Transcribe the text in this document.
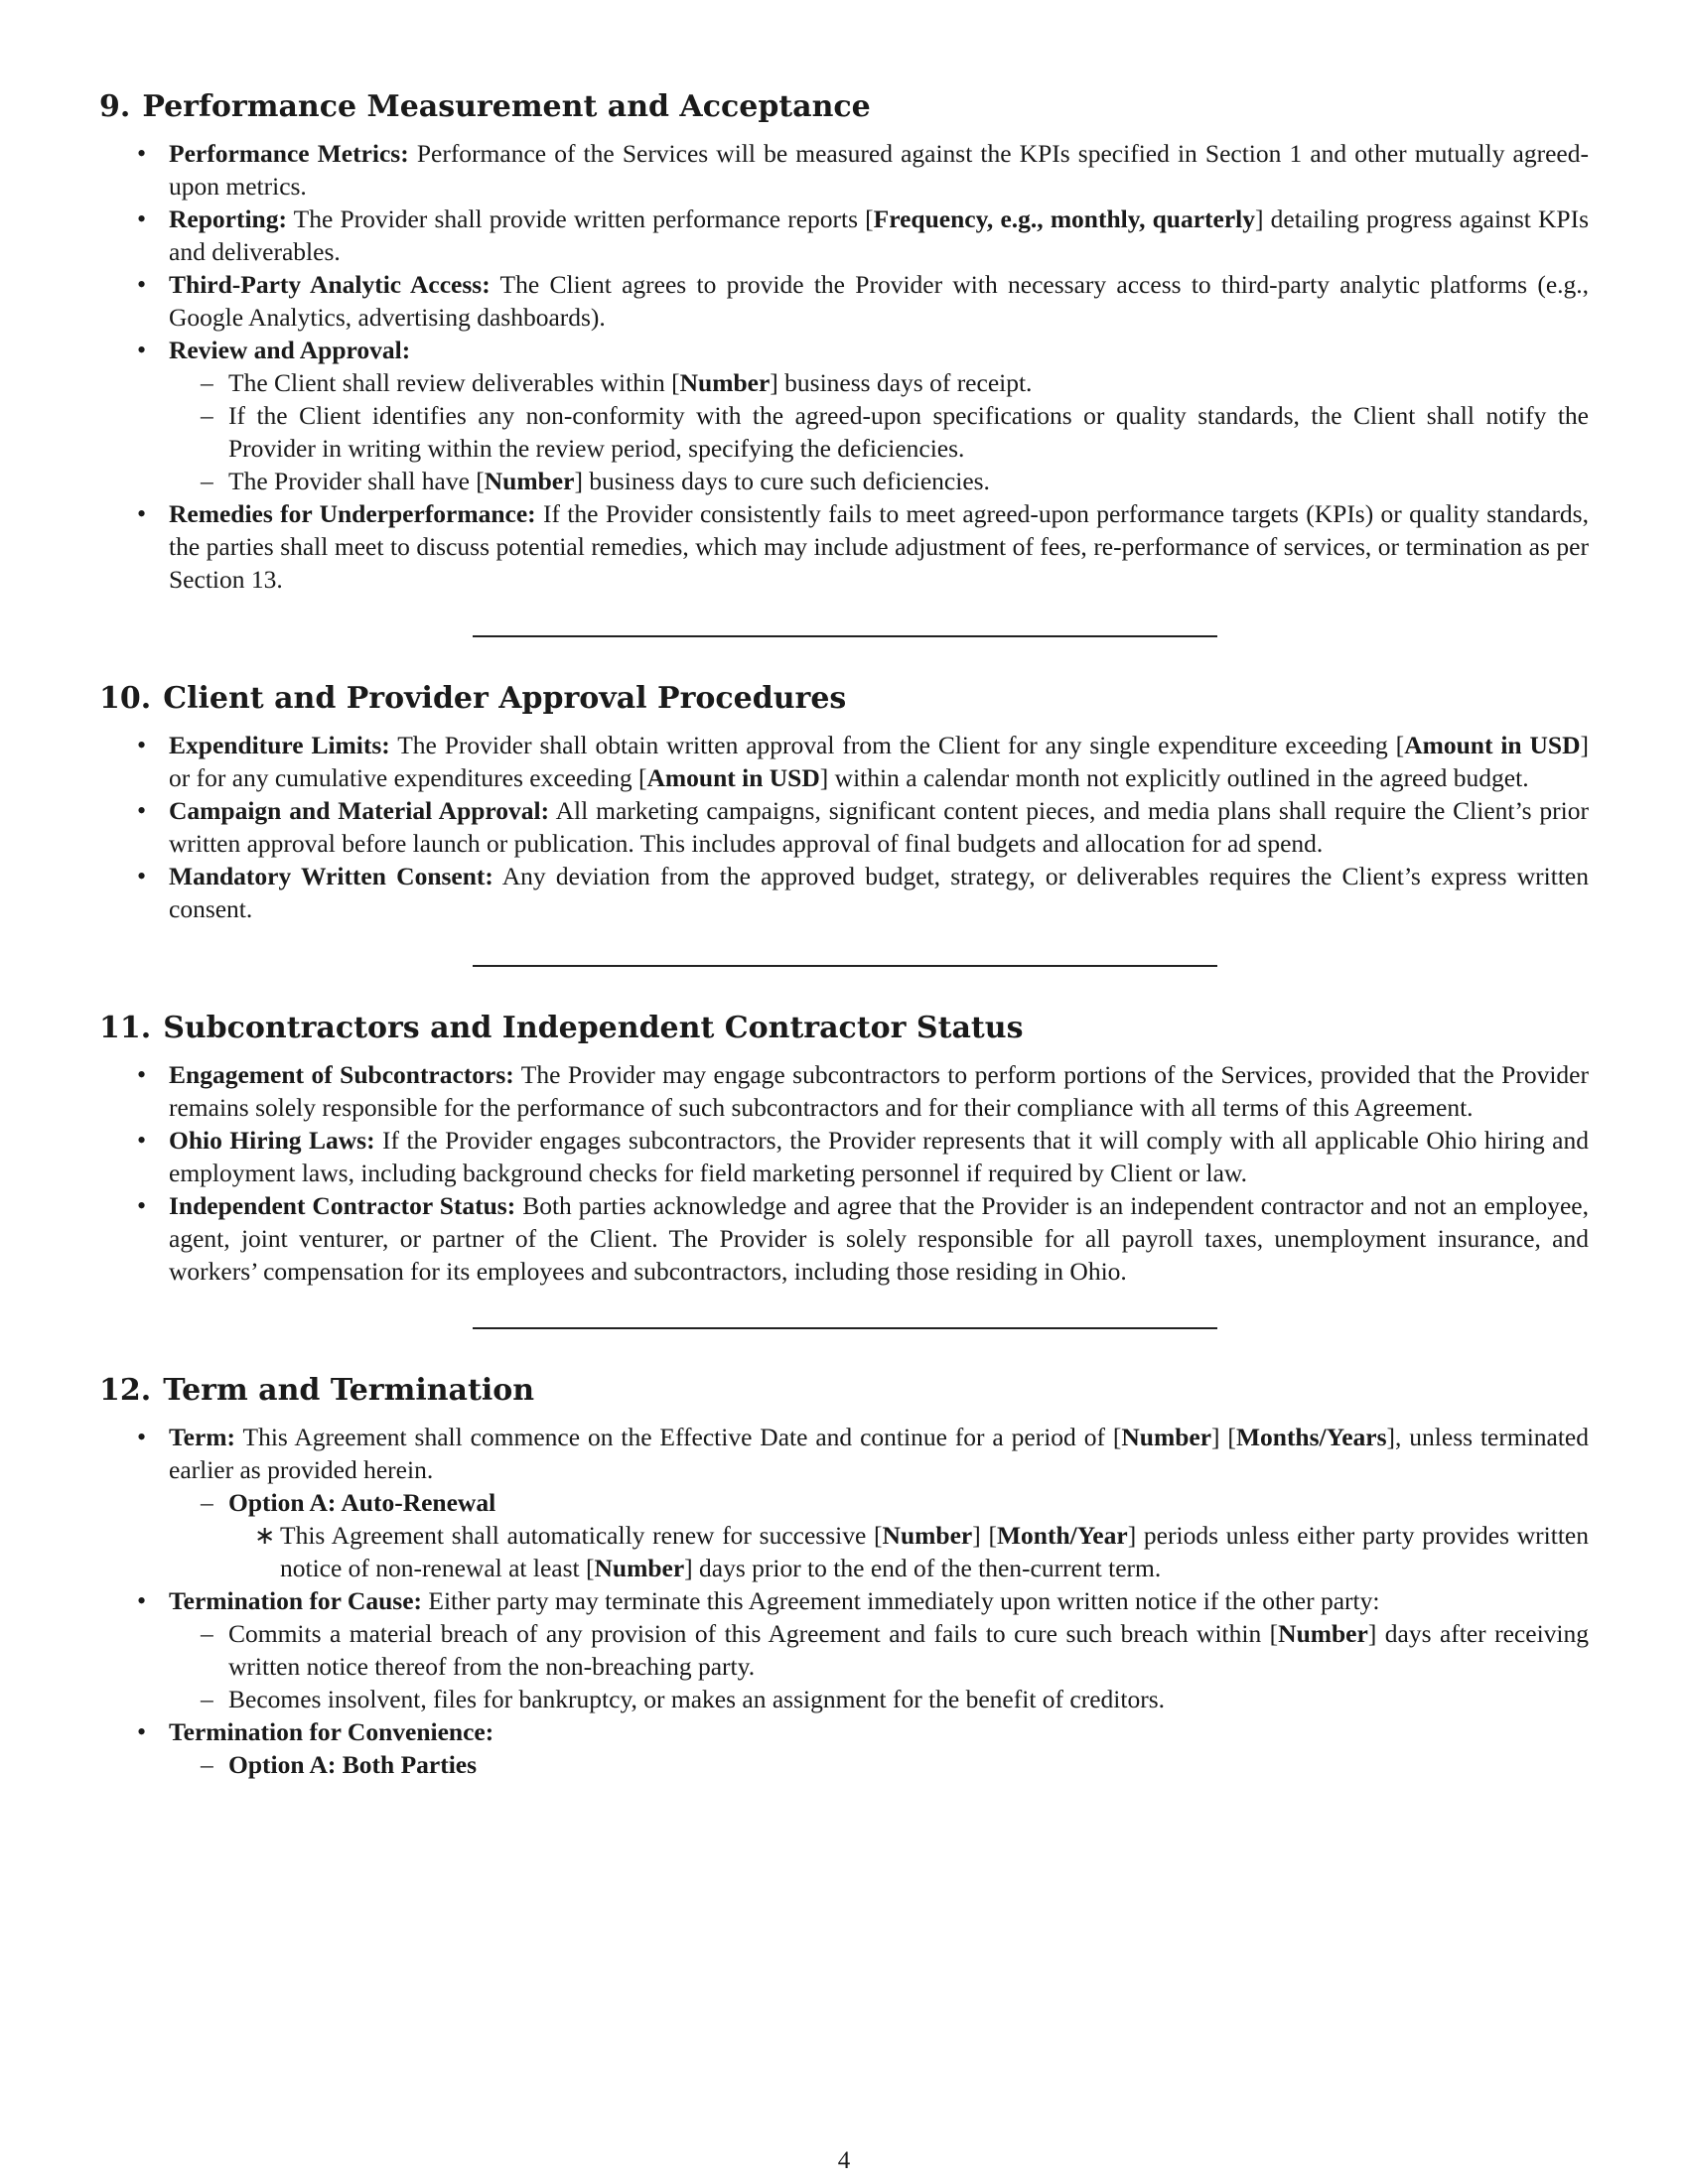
9. Performance Measurement and Acceptance
• Performance Metrics: Performance of the Services will be measured against the KPIs specified in Section 1 and other mutually agreed-upon metrics.
• Reporting: The Provider shall provide written performance reports [Frequency, e.g., monthly, quarterly] detailing progress against KPIs and deliverables.
• Third-Party Analytic Access: The Client agrees to provide the Provider with necessary access to third-party analytic platforms (e.g., Google Analytics, advertising dashboards).
• Review and Approval:
– The Client shall review deliverables within [Number] business days of receipt.
– If the Client identifies any non-conformity with the agreed-upon specifications or quality standards, the Client shall notify the Provider in writing within the review period, specifying the deficiencies.
– The Provider shall have [Number] business days to cure such deficiencies.
• Remedies for Underperformance: If the Provider consistently fails to meet agreed-upon performance targets (KPIs) or quality standards, the parties shall meet to discuss potential remedies, which may include adjustment of fees, re-performance of services, or termination as per Section 13.
10. Client and Provider Approval Procedures
• Expenditure Limits: The Provider shall obtain written approval from the Client for any single expenditure exceeding [Amount in USD] or for any cumulative expenditures exceeding [Amount in USD] within a calendar month not explicitly outlined in the agreed budget.
• Campaign and Material Approval: All marketing campaigns, significant content pieces, and media plans shall require the Client’s prior written approval before launch or publication. This includes approval of final budgets and allocation for ad spend.
• Mandatory Written Consent: Any deviation from the approved budget, strategy, or deliverables requires the Client’s express written consent.
11. Subcontractors and Independent Contractor Status
• Engagement of Subcontractors: The Provider may engage subcontractors to perform portions of the Services, provided that the Provider remains solely responsible for the performance of such subcontractors and for their compliance with all terms of this Agreement.
• Ohio Hiring Laws: If the Provider engages subcontractors, the Provider represents that it will comply with all applicable Ohio hiring and employment laws, including background checks for field marketing personnel if required by Client or law.
• Independent Contractor Status: Both parties acknowledge and agree that the Provider is an independent contractor and not an employee, agent, joint venturer, or partner of the Client. The Provider is solely responsible for all payroll taxes, unemployment insurance, and workers’ compensation for its employees and subcontractors, including those residing in Ohio.
12. Term and Termination
• Term: This Agreement shall commence on the Effective Date and continue for a period of [Number] [Months/Years], unless terminated earlier as provided herein.
– Option A: Auto-Renewal
∗ This Agreement shall automatically renew for successive [Number] [Month/Year] periods unless either party provides written notice of non-renewal at least [Number] days prior to the end of the then-current term.
• Termination for Cause: Either party may terminate this Agreement immediately upon written notice if the other party:
– Commits a material breach of any provision of this Agreement and fails to cure such breach within [Number] days after receiving written notice thereof from the non-breaching party.
– Becomes insolvent, files for bankruptcy, or makes an assignment for the benefit of creditors.
• Termination for Convenience:
– Option A: Both Parties
4
